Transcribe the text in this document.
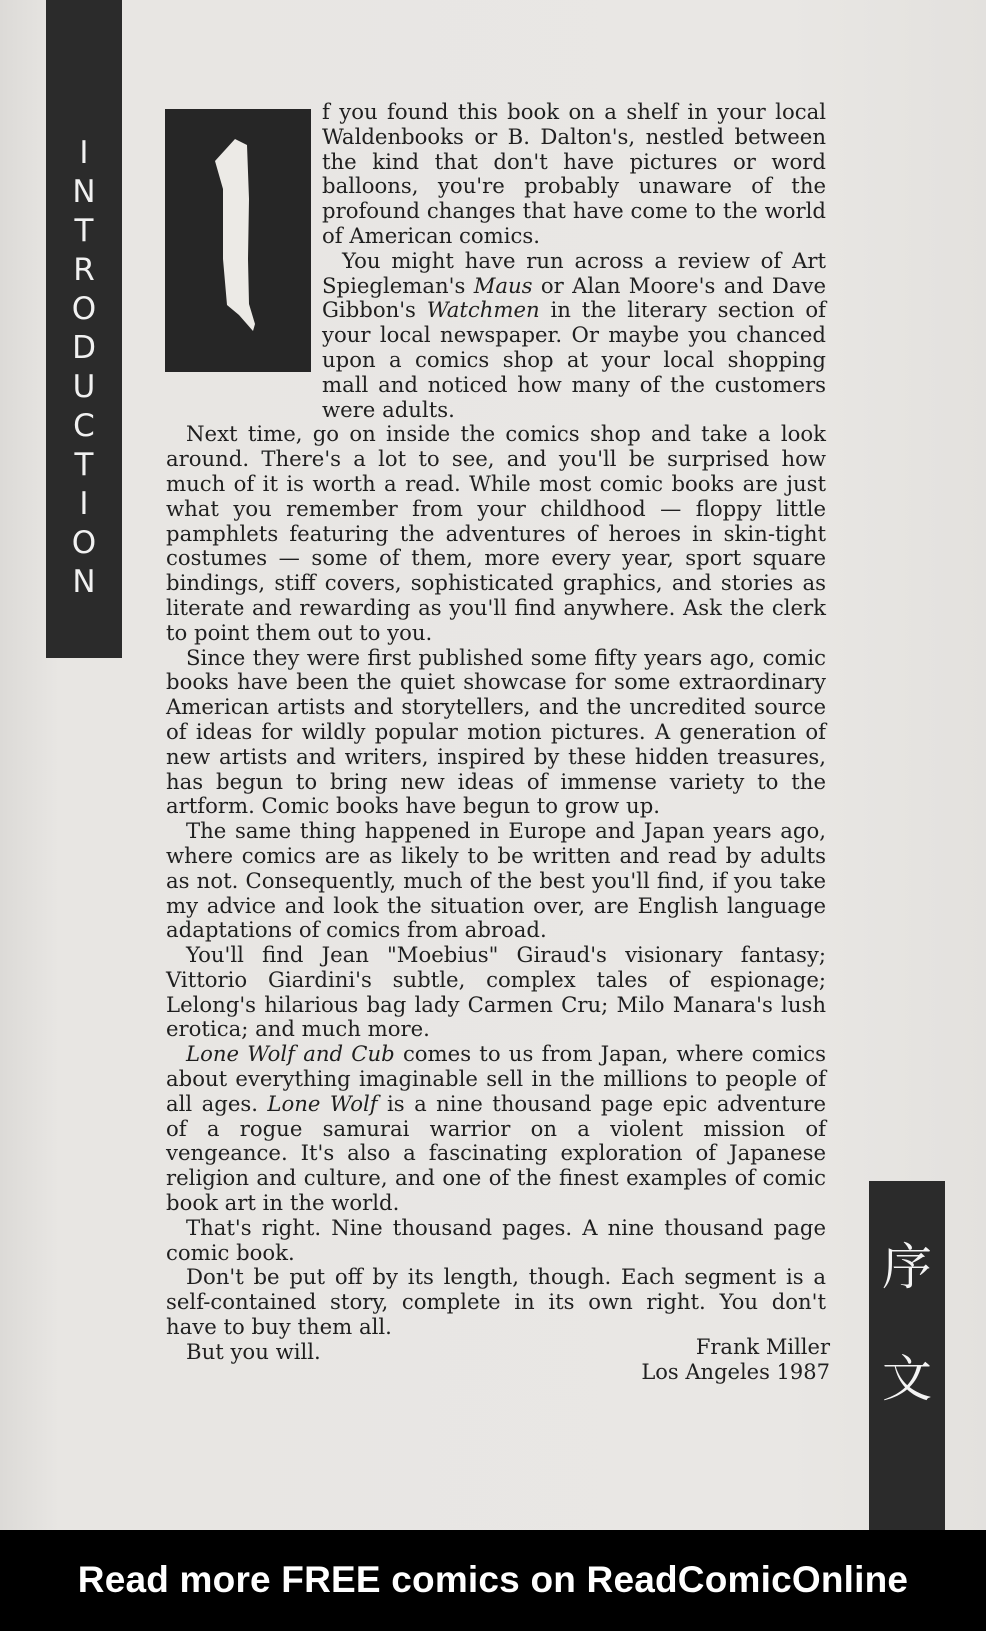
I
N
T
R
O
D
U
C
T
I
O
N

f you found this book on a shelf in your local Waldenbooks or B. Dalton's, nestled between the kind that don't have pictures or word balloons, you're probably unaware of the profound changes that have come to the world of American comics.

You might have run across a review of Art Spiegleman's Maus or Alan Moore's and Dave Gibbon's Watchmen in the literary section of your local newspaper. Or maybe you chanced upon a comics shop at your local shopping mall and noticed how many of the customers were adults.

Next time, go on inside the comics shop and take a look around. There's a lot to see, and you'll be surprised how much of it is worth a read. While most comic books are just what you remember from your childhood — floppy little pamphlets featuring the adventures of heroes in skin-tight costumes — some of them, more every year, sport square bindings, stiff covers, sophisticated graphics, and stories as literate and rewarding as you'll find anywhere. Ask the clerk to point them out to you.

Since they were first published some fifty years ago, comic books have been the quiet showcase for some extraordinary American artists and storytellers, and the uncredited source of ideas for wildly popular motion pictures. A generation of new artists and writers, inspired by these hidden treasures, has begun to bring new ideas of immense variety to the artform. Comic books have begun to grow up.

The same thing happened in Europe and Japan years ago, where comics are as likely to be written and read by adults as not. Consequently, much of the best you'll find, if you take my advice and look the situation over, are English language adaptations of comics from abroad.

You'll find Jean "Moebius" Giraud's visionary fantasy; Vittorio Giardini's subtle, complex tales of espionage; Lelong's hilarious bag lady Carmen Cru; Milo Manara's lush erotica; and much more.

Lone Wolf and Cub comes to us from Japan, where comics about everything imaginable sell in the millions to people of all ages. Lone Wolf is a nine thousand page epic adventure of a rogue samurai warrior on a violent mission of vengeance. It's also a fascinating exploration of Japanese religion and culture, and one of the finest examples of comic book art in the world.

That's right. Nine thousand pages. A nine thousand page comic book.

Don't be put off by its length, though. Each segment is a self-contained story, complete in its own right. You don't have to buy them all.

But you will.	Frank Miller
Los Angeles 1987
序
文
Read more FREE comics on ReadComicOnline
